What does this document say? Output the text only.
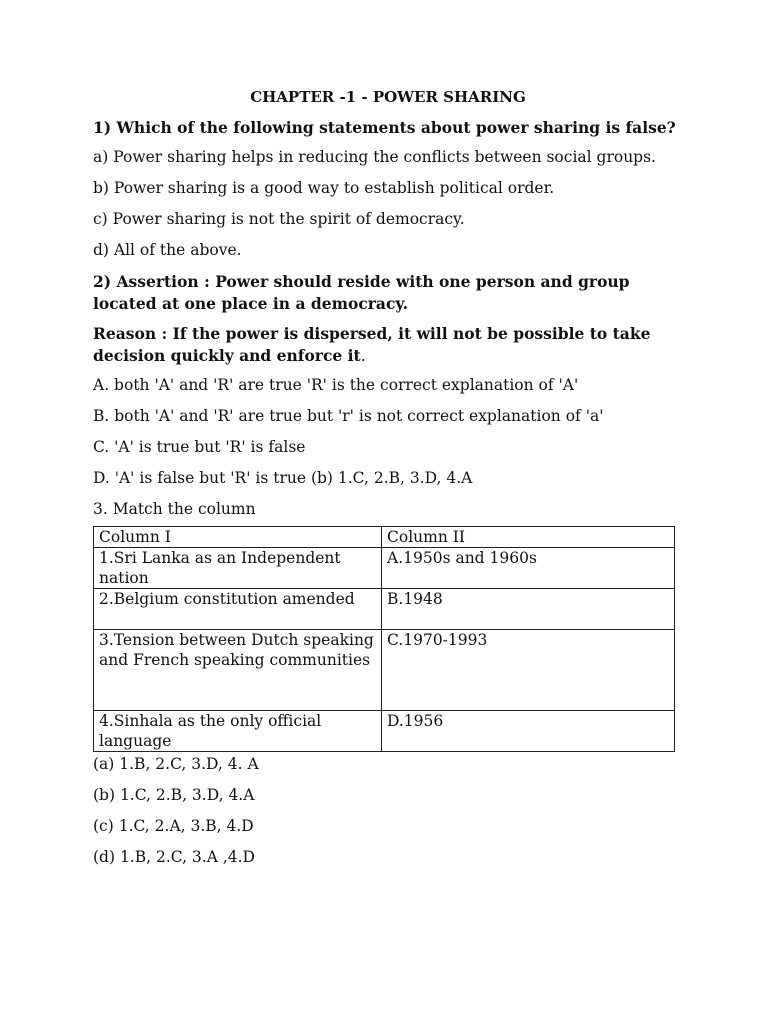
CHAPTER -1 - POWER SHARING
1) Which of the following statements about power sharing is false?
a) Power sharing helps in reducing the conflicts between social groups.
b) Power sharing is a good way to establish political order.
c) Power sharing is not the spirit of democracy.
d) All of the above.
2) Assertion : Power should reside with one person and group located at one place in a democracy.
Reason : If the power is dispersed, it will not be possible to take decision quickly and enforce it.
A. both 'A' and 'R' are true 'R' is the correct explanation of 'A'
B. both 'A' and 'R' are true but 'r' is not correct explanation of 'a'
C. 'A' is true but 'R' is false
D. 'A' is false but 'R' is true (b) 1.C, 2.B, 3.D, 4.A
3. Match the column
Column I	Column II
1.Sri Lanka as an Independent nation	A.1950s and 1960s
2.Belgium constitution amended	B.1948
3.Tension between Dutch speaking and French speaking communities	C.1970-1993
4.Sinhala as the only official language	D.1956
(a) 1.B, 2.C, 3.D, 4. A
(b) 1.C, 2.B, 3.D, 4.A
(c) 1.C, 2.A, 3.B, 4.D
(d) 1.B, 2.C, 3.A ,4.D
